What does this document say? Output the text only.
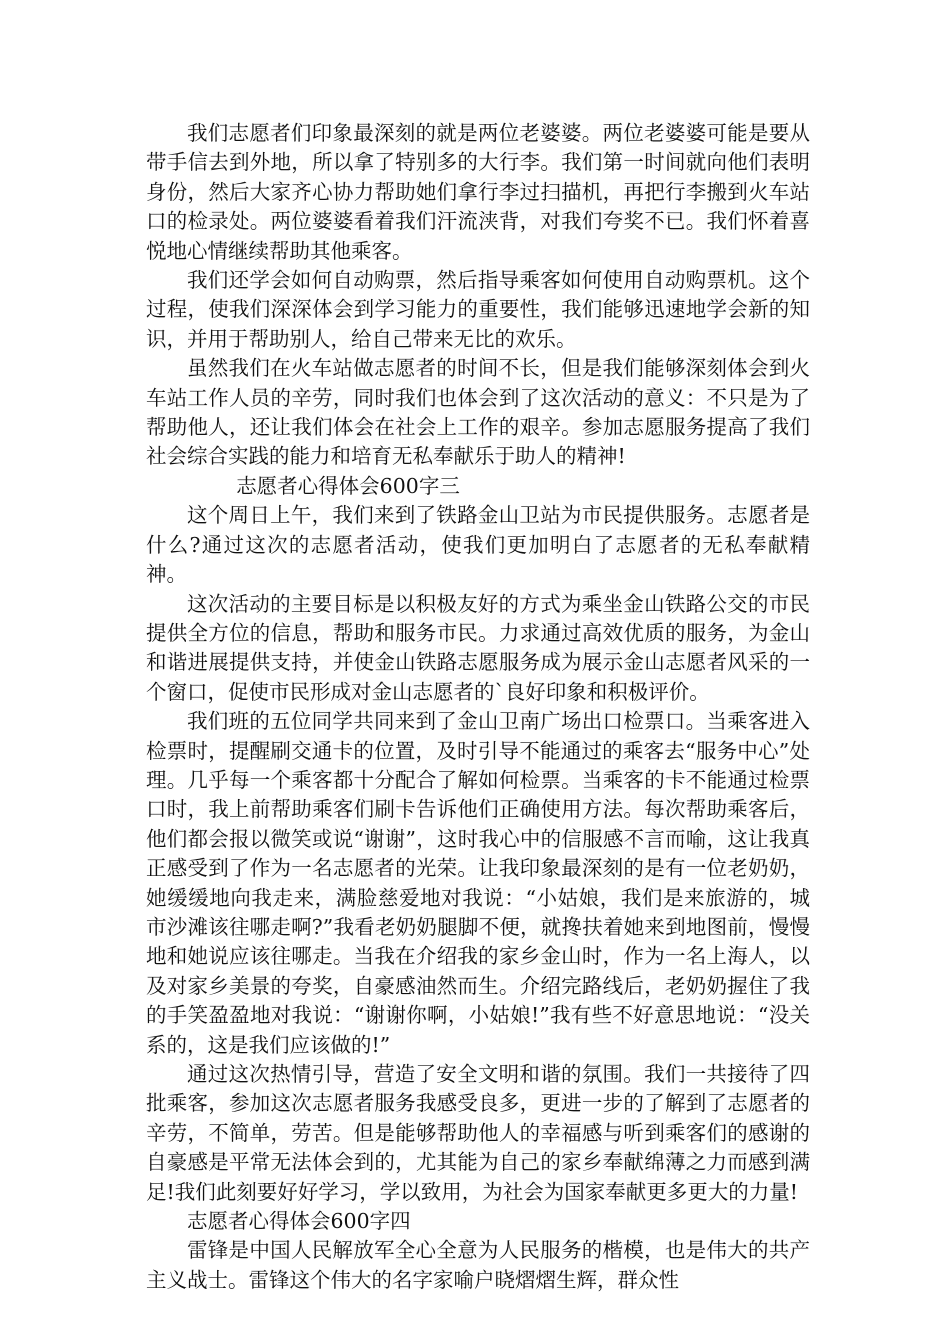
我们志愿者们印象最深刻的就是两位老婆婆。两位老婆婆可能是要从带手信去到外地，所以拿了特别多的大行李。我们第一时间就向他们表明身份，然后大家齐心协力帮助她们拿行李过扫描机，再把行李搬到火车站口的检录处。两位婆婆看着我们汗流浃背，对我们夸奖不已。我们怀着喜悦地心情继续帮助其他乘客。

我们还学会如何自动购票，然后指导乘客如何使用自动购票机。这个过程，使我们深深体会到学习能力的重要性，我们能够迅速地学会新的知识，并用于帮助别人，给自己带来无比的欢乐。

虽然我们在火车站做志愿者的时间不长，但是我们能够深刻体会到火车站工作人员的辛劳，同时我们也体会到了这次活动的意义：不只是为了帮助他人，还让我们体会在社会上工作的艰辛。参加志愿服务提高了我们社会综合实践的能力和培育无私奉献乐于助人的精神!

志愿者心得体会600字三

这个周日上午，我们来到了铁路金山卫站为市民提供服务。志愿者是什么?通过这次的志愿者活动，使我们更加明白了志愿者的无私奉献精神。

这次活动的主要目标是以积极友好的方式为乘坐金山铁路公交的市民提供全方位的信息，帮助和服务市民。力求通过高效优质的服务，为金山和谐进展提供支持，并使金山铁路志愿服务成为展示金山志愿者风采的一个窗口，促使市民形成对金山志愿者的`良好印象和积极评价。

我们班的五位同学共同来到了金山卫南广场出口检票口。当乘客进入检票时，提醒刷交通卡的位置，及时引导不能通过的乘客去“服务中心”处理。几乎每一个乘客都十分配合了解如何检票。当乘客的卡不能通过检票口时，我上前帮助乘客们刷卡告诉他们正确使用方法。每次帮助乘客后，他们都会报以微笑或说“谢谢”，这时我心中的信服感不言而喻，这让我真正感受到了作为一名志愿者的光荣。让我印象最深刻的是有一位老奶奶，她缓缓地向我走来，满脸慈爱地对我说：“小姑娘，我们是来旅游的，城市沙滩该往哪走啊?”我看老奶奶腿脚不便，就搀扶着她来到地图前，慢慢地和她说应该往哪走。当我在介绍我的家乡金山时，作为一名上海人，以及对家乡美景的夸奖，自豪感油然而生。介绍完路线后，老奶奶握住了我的手笑盈盈地对我说：“谢谢你啊，小姑娘!”我有些不好意思地说：“没关系的，这是我们应该做的!”

通过这次热情引导，营造了安全文明和谐的氛围。我们一共接待了四批乘客，参加这次志愿者服务我感受良多，更进一步的了解到了志愿者的辛劳，不简单，劳苦。但是能够帮助他人的幸福感与听到乘客们的感谢的自豪感是平常无法体会到的，尤其能为自己的家乡奉献绵薄之力而感到满足!我们此刻要好好学习，学以致用，为社会为国家奉献更多更大的力量!

志愿者心得体会600字四

雷锋是中国人民解放军全心全意为人民服务的楷模，也是伟大的共产主义战士。雷锋这个伟大的名字家喻户晓熠熠生辉，群众性
